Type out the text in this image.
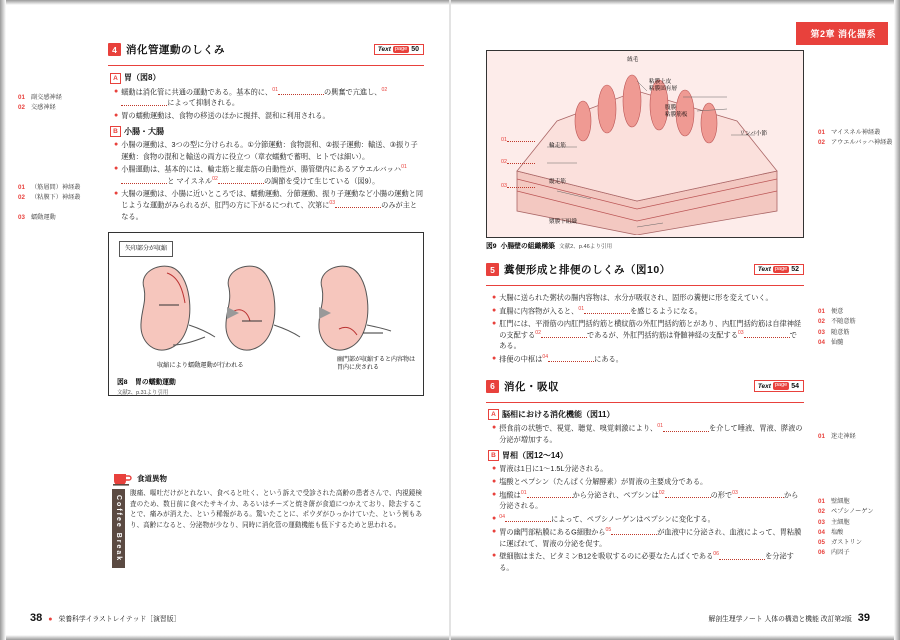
第2章 消化器系
01 副交感神経
02 交感神経
01 （筋層間）神経叢
02 （粘膜下）神経叢
03 蠕動運動
4 消化管運動のしくみ	Text page 50
A 胃（図8）
● 蠕動は消化管に共通の運動である。基本的に、$^{01}$	の興奮で亢進し、$^{02}$によって抑制される。
● 胃の蠕動運動は、食物の移送のほかに撹拌、混和に利用される。
B 小腸・大腸
● 小腸の運動は、3つの型に分けられる。①分節運動：食物混和、②振子運動：輸送、③振り子運動：食物の混和と輸送の両方に役立つ（章衣蠕動で蓄明、ヒトでは細い）。
● 小腸運動は、基本的には、輪走筋と縦走筋の自動性が、腸管壁内にあるアウエルバッハ$^{01}$と マイスネル$^{02}$	の調節を受けて生じている（図9）。
● 大腸の運動は、小腸に近いところでは、蠕動運動、分節運動、振り子運動など小腸の運動と同じような運動がみられるが、肛門の方に下がるにつれて、次第に$^{03}$	のみが主となる。
矢印部分が収縮
収縮により蠕動運動が行われる
幽門部が収縮すると内容物は胃内に戻される
図8 胃の蠕動運動
文献2、p.31より引用
食道異物
Coffee Break
腹痛、嘔吐だけがとれない、食べると吐く、という訴えで受診された高齢の患者さんで、内視鏡検査のため、数日前に食べたサキイカ、あるいはチーズと焼き餅が食道につかえており、除去することで、痛みが消えた、という稀報がある。驚いたことに、ポウダがひっかけていた、という例もあり、高齢になると、分泌物が少なり、同時に消化管の運動機能も低下するためと思われる。
38 ● 栄養科学イラストレイテッド［演習版］
絨毛
粘膜上皮
粘膜固有層
腹膜
粘膜筋板
リンパ小節
輪走筋
縦走筋
漿膜下組織
01
02
03
図9 小腸壁の組織構築 文献2、p.46より引用
5 糞便形成と排便のしくみ（図10）	Text page 52
● 大腸に送られた粥状の腸内容物は、水分が吸収され、固形の糞便に形を変えていく。
● 直腸に内容物が入ると、$^{01}$	を感じるようになる。
● 肛門には、平滑筋の内肛門括約筋と横紋筋の外肛門括約筋とがあり、内肛門括約筋は自律神経の支配する$^{02}$	であるが、外肛門括約筋は脊髄神経の支配する$^{03}$	である。
● 排便の中枢は$^{04}$	にある。
6 消化・吸収	Text page 54
A 脳相における消化機能（図11）
● 摂食前の状態で、視覚、聴覚、嗅覚刺激により、$^{01}$	を介して唾液、胃液、膵液の分泌が増加する。
B 胃相（図12〜14）
● 胃液は1日に1〜1.5L分泌される。
● 塩酸とペプシン（たんぱく分解酵素）が胃液の主要成分である。
● 塩酸は$^{01}$	から分泌され、ペプシンは$^{02}$	の形で$^{03}$	から分泌される。
● $^{04}$	によって、ペプシノーゲンはペプシンに変化する。
● 胃の幽門部粘膜にあるG細胞から$^{05}$	が血液中に分泌され、血液によって、胃粘膜に運ばれて、胃液の分泌を促す。
● 壁細胞はまた、ビタミンB12を吸収するのに必要なたんぱくである$^{06}$	を分泌する。
01 マイスネル神経叢
02 アウエルバッハ神経叢
01 便意
02 不随意筋
03 随意筋
04 仙髄
01 迷走神経
01 壁細胞
02 ペプシノーゲン
03 主細胞
04 塩酸
05 ガストリン
06 内因子
解剖生理学ノート 人体の構造と機能 改訂第2版 39
